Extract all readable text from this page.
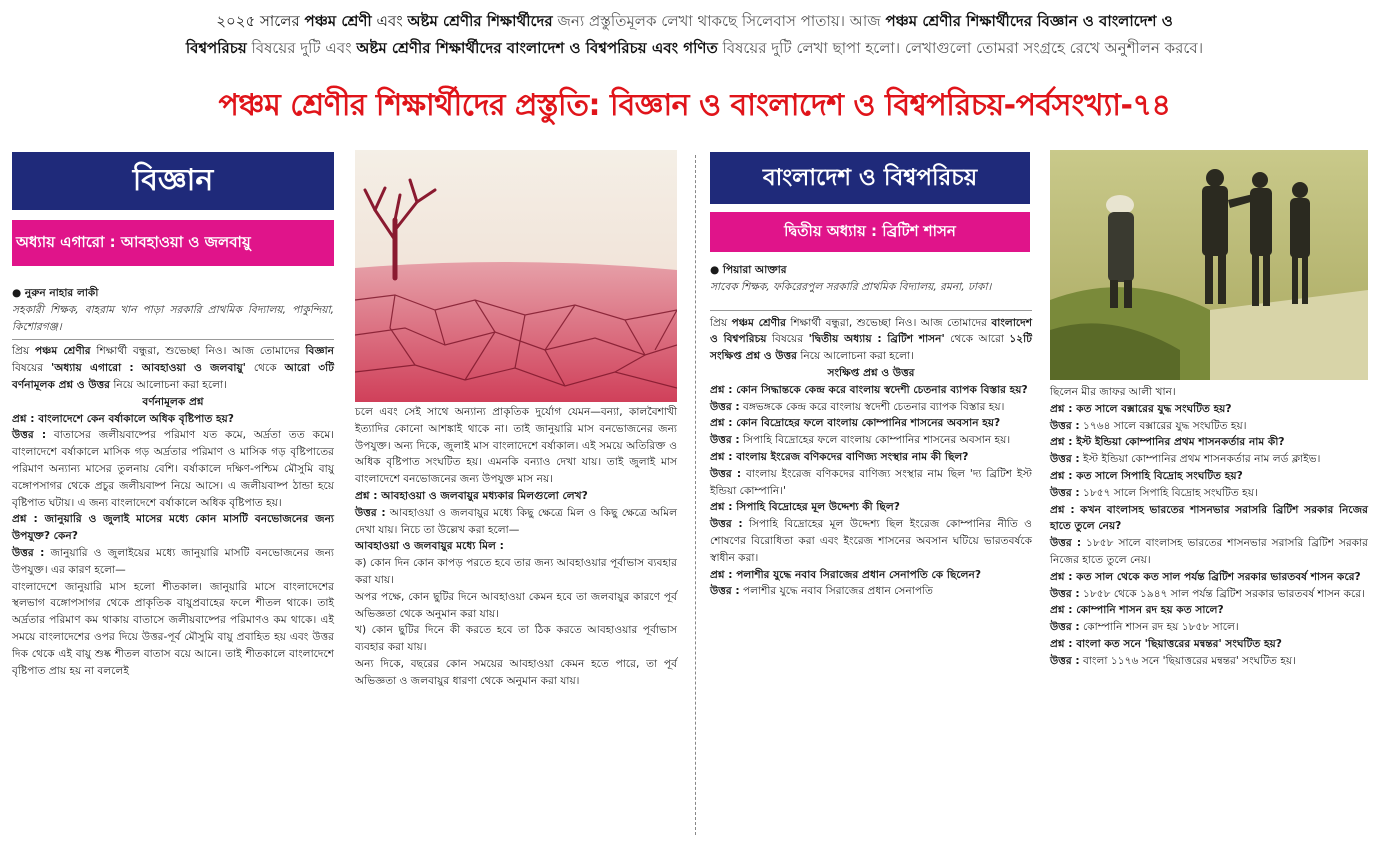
২০২৫ সালের পঞ্চম শ্রেণী এবং অষ্টম শ্রেণীর শিক্ষার্থীদের জন্য প্রস্তুতিমূলক লেখা থাকছে সিলেবাস পাতায়। আজ পঞ্চম শ্রেণীর শিক্ষার্থীদের বিজ্ঞান ও বাংলাদেশ ও
বিশ্বপরিচয় বিষয়ের দুটি এবং অষ্টম শ্রেণীর শিক্ষার্থীদের বাংলাদেশ ও বিশ্বপরিচয় এবং গণিত বিষয়ের দুটি লেখা ছাপা হলো। লেখাগুলো তোমরা সংগ্রহে রেখে অনুশীলন করবে।
পঞ্চম শ্রেণীর শিক্ষার্থীদের প্রস্তুতি: বিজ্ঞান ও বাংলাদেশ ও বিশ্বপরিচয়-পর্বসংখ্যা-৭৪
বিজ্ঞান
অধ্যায় এগারো : আবহাওয়া ও জলবায়ু

● নুরুন নাহার লাকী

সহকারী শিক্ষক, বাহরাম খান পাড়া সরকারি প্রাথমিক বিদ্যালয়, পাকুন্দিয়া, কিশোরগঞ্জ।

প্রিয় পঞ্চম শ্রেণীর শিক্ষার্থী বন্ধুরা, শুভেচ্ছা নিও। আজ তোমাদের বিজ্ঞান বিষয়ের 'অধ্যায় এগারো : আবহাওয়া ও জলবায়ু' থেকে আরো ৩টি বর্ণনামূলক প্রশ্ন ও উত্তর নিয়ে আলোচনা করা হলো।

বর্ণনামূলক প্রশ্ন

প্রশ্ন : বাংলাদেশে কেন বর্ষাকালে অধিক বৃষ্টিপাত হয়?

উত্তর : বাতাসের জলীয়বাষ্পের পরিমাণ যত কমে, অর্দ্রতা তত কমে। বাংলাদেশে বর্ষাকালে মাসিক গড় অর্দ্রতার পরিমাণ ও মাসিক গড় বৃষ্টিপাতের পরিমাণ অন্যান্য মাসের তুলনায় বেশি। বর্ষাকালে দক্ষিণ-পশ্চিম মৌসুমি বায়ু বঙ্গোপসাগর থেকে প্রচুর জলীয়বাষ্প নিয়ে আসে। এ জলীয়বাষ্প ঠান্ডা হয়ে বৃষ্টিপাত ঘটায়। এ জন্য বাংলাদেশে বর্ষাকালে অধিক বৃষ্টিপাত হয়।

প্রশ্ন : জানুয়ারি ও জুলাই মাসের মধ্যে কোন মাসটি বনভোজনের জন্য উপযুক্ত? কেন?

উত্তর : জানুয়ারি ও জুলাইয়ের মধ্যে জানুয়ারি মাসটি বনভোজনের জন্য উপযুক্ত। এর কারণ হলো—

বাংলাদেশে জানুয়ারি মাস হলো শীতকাল। জানুয়ারি মাসে বাংলাদেশের স্থলভাগ বঙ্গোপসাগর থেকে প্রাকৃতিক বায়ুপ্রবাহের ফলে শীতল থাকে। তাই অর্দ্রতার পরিমাণ কম থাকায় বাতাসে জলীয়বাষ্পের পরিমাণও কম থাকে। এই সময়ে বাংলাদেশের ওপর দিয়ে উত্তর-পূর্ব মৌসুমি বায়ু প্রবাহিত হয় এবং উত্তর দিক থেকে এই বায়ু শুষ্ক শীতল বাতাস বয়ে আনে। তাই শীতকালে বাংলাদেশে বৃষ্টিপাত প্রায় হয় না বললেই

চলে এবং সেই সাথে অন্যান্য প্রাকৃতিক দুর্যোগ যেমন—বন্যা, কালবৈশাখী ইত্যাদির কোনো আশঙ্কাই থাকে না। তাই জানুয়ারি মাস বনভোজনের জন্য উপযুক্ত। অন্য দিকে, জুলাই মাস বাংলাদেশে বর্ষাকাল। এই সময়ে অতিরিক্ত ও অধিক বৃষ্টিপাত সংঘটিত হয়। এমনকি বন্যাও দেখা যায়। তাই জুলাই মাস বাংলাদেশে বনভোজনের জন্য উপযুক্ত মাস নয়।

প্রশ্ন : আবহাওয়া ও জলবায়ুর মধ্যকার মিলগুলো লেখ?

উত্তর : আবহাওয়া ও জলবায়ুর মধ্যে কিছু ক্ষেত্রে মিল ও কিছু ক্ষেত্রে অমিল দেখা যায়। নিচে তা উল্লেখ করা হলো—

আবহাওয়া ও জলবায়ুর মধ্যে মিল :

ক) কোন দিন কোন কাপড় পরতে হবে তার জন্য আবহাওয়ার পূর্বাভাস ব্যবহার করা যায়।

অপর পক্ষে, কোন ছুটির দিনে আবহাওয়া কেমন হবে তা জলবায়ুর কারণে পূর্ব অভিজ্ঞতা থেকে অনুমান করা যায়।

খ) কোন ছুটির দিনে কী করতে হবে তা ঠিক করতে আবহাওয়ার পূর্বাভাস ব্যবহার করা যায়।

অন্য দিকে, বছরের কোন সময়ের আবহাওয়া কেমন হতে পারে, তা পূর্ব অভিজ্ঞতা ও জলবায়ুর ধারণা থেকে অনুমান করা যায়।

বাংলাদেশ ও বিশ্বপরিচয়
দ্বিতীয় অধ্যায় : ব্রিটিশ শাসন

● পিয়ারা আক্তার

সাবেক শিক্ষক, ফকিরেরপুল সরকারি প্রাথমিক বিদ্যালয়, রমনা, ঢাকা।

প্রিয় পঞ্চম শ্রেণীর শিক্ষার্থী বন্ধুরা, শুভেচ্ছা নিও। আজ তোমাদের বাংলাদেশ ও বিশ্বপরিচয় বিষয়ের 'দ্বিতীয় অধ্যায় : ব্রিটিশ শাসন' থেকে আরো ১২টি সংক্ষিপ্ত প্রশ্ন ও উত্তর নিয়ে আলোচনা করা হলো।

সংক্ষিপ্ত প্রশ্ন ও উত্তর

প্রশ্ন : কোন সিদ্ধান্তকে কেন্দ্র করে বাংলায় স্বদেশী চেতনার ব্যাপক বিস্তার হয়?

উত্তর : বঙ্গভঙ্গকে কেন্দ্র করে বাংলায় স্বদেশী চেতনার ব্যাপক বিস্তার হয়।

প্রশ্ন : কোন বিদ্রোহের ফলে বাংলায় কোম্পানির শাসনের অবসান হয়?

উত্তর : সিপাহি বিদ্রোহের ফলে বাংলায় কোম্পানির শাসনের অবসান হয়।

প্রশ্ন : বাংলায় ইংরেজ বণিকদের বাণিজ্য সংস্থার নাম কী ছিল?

উত্তর : বাংলায় ইংরেজ বণিকদের বাণিজ্য সংস্থার নাম ছিল 'দ্য ব্রিটিশ ইস্ট ইন্ডিয়া কোম্পানি।'

প্রশ্ন : সিপাহি বিদ্রোহের মূল উদ্দেশ্য কী ছিল?

উত্তর : সিপাহি বিদ্রোহের মূল উদ্দেশ্য ছিল ইংরেজ কোম্পানির নীতি ও শোষণের বিরোধিতা করা এবং ইংরেজ শাসনের অবসান ঘটিয়ে ভারতবর্ষকে স্বাধীন করা।

প্রশ্ন : পলাশীর যুদ্ধে নবাব সিরাজের প্রধান সেনাপতি কে ছিলেন?

উত্তর : পলাশীর যুদ্ধে নবাব সিরাজের প্রধান সেনাপতি

ছিলেন মীর জাফর আলী খান।

প্রশ্ন : কত সালে বক্সারের যুদ্ধ সংঘটিত হয়?

উত্তর : ১৭৬৪ সালে বক্সারের যুদ্ধ সংঘটিত হয়।

প্রশ্ন : ইস্ট ইন্ডিয়া কোম্পানির প্রথম শাসনকর্তার নাম কী?

উত্তর : ইস্ট ইন্ডিয়া কোম্পানির প্রথম শাসনকর্তার নাম লর্ড ক্লাইভ।

প্রশ্ন : কত সালে সিপাহি বিদ্রোহ সংঘটিত হয়?

উত্তর : ১৮৫৭ সালে সিপাহি বিদ্রোহ সংঘটিত হয়।

প্রশ্ন : কখন বাংলাসহ ভারতের শাসনভার সরাসরি ব্রিটিশ সরকার নিজের হাতে তুলে নেয়?

উত্তর : ১৮৫৮ সালে বাংলাসহ ভারতের শাসনভার সরাসরি ব্রিটিশ সরকার নিজের হাতে তুলে নেয়।

প্রশ্ন : কত সাল থেকে কত সাল পর্যন্ত ব্রিটিশ সরকার ভারতবর্ষ শাসন করে?

উত্তর : ১৮৫৮ থেকে ১৯৪৭ সাল পর্যন্ত ব্রিটিশ সরকার ভারতবর্ষ শাসন করে।

প্রশ্ন : কোম্পানি শাসন রদ হয় কত সালে?

উত্তর : কোম্পানি শাসন রদ হয় ১৮৫৮ সালে।

প্রশ্ন : বাংলা কত সনে 'ছিয়াত্তরের মন্বন্তর' সংঘটিত হয়?

উত্তর : বাংলা ১১৭৬ সনে 'ছিয়াত্তরের মন্বন্তর' সংঘটিত হয়।
